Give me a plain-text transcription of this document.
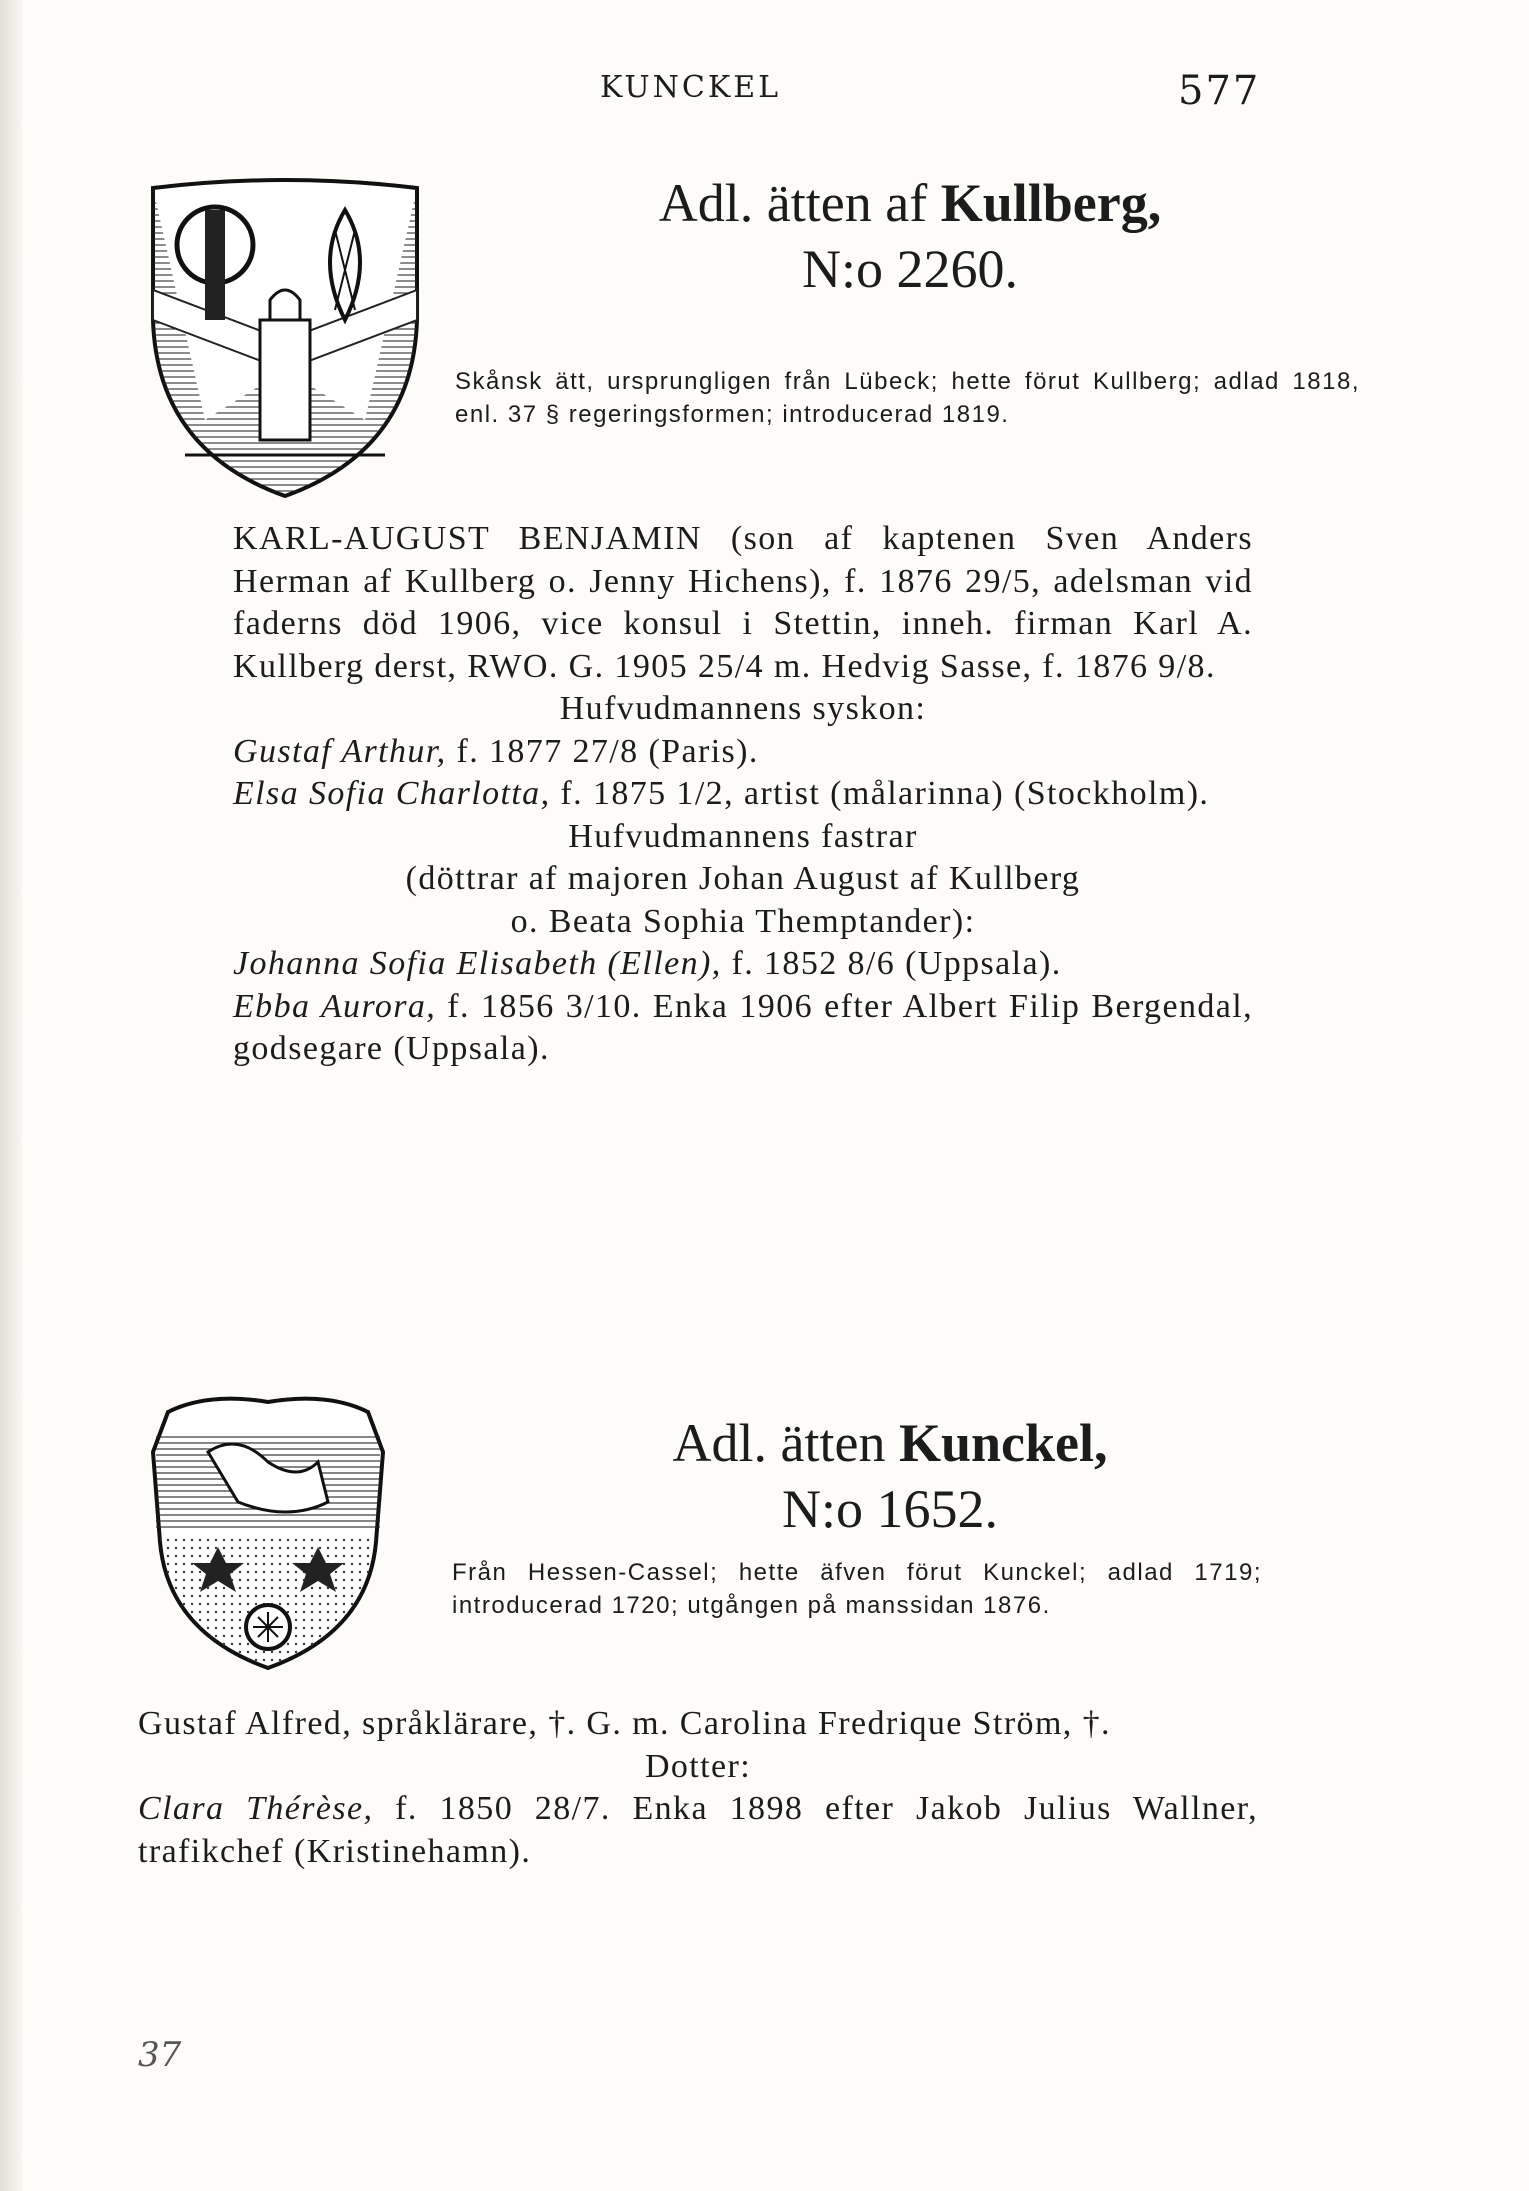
KUNCKEL	577
Adl. ätten af Kullberg,
N:o 2260.
Skånsk ätt, ursprungligen från Lübeck; hette förut Kullberg; adlad 1818, enl. 37 § regeringsformen; introducerad 1819.

KARL-AUGUST BENJAMIN (son af kaptenen Sven Anders Herman af Kullberg o. Jenny Hichens), f. 1876 29/5, adelsman vid faderns död 1906, vice konsul i Stettin, inneh. firman Karl A. Kullberg derst, RWO. G. 1905 25/4 m. Hedvig Sasse, f. 1876 9/8.

Hufvudmannens syskon:

Gustaf Arthur, f. 1877 27/8 (Paris).

Elsa Sofia Charlotta, f. 1875 1/2, artist (målarinna) (Stockholm).

Hufvudmannens fastrar

(döttrar af majoren Johan August af Kullberg

o. Beata Sophia Themptander):

Johanna Sofia Elisabeth (Ellen), f. 1852 8/6 (Uppsala).

Ebba Aurora, f. 1856 3/10. Enka 1906 efter Albert Filip Bergendal, godsegare (Uppsala).

Adl. ätten Kunckel,
N:o 1652.
Från Hessen-Cassel; hette äfven förut Kunckel; adlad 1719; introducerad 1720; utgången på manssidan 1876.

Gustaf Alfred, språklärare, †. G. m. Carolina Fredrique Ström, †.

Dotter:

Clara Thérèse, f. 1850 28/7. Enka 1898 efter Jakob Julius Wallner, trafikchef (Kristinehamn).

37
